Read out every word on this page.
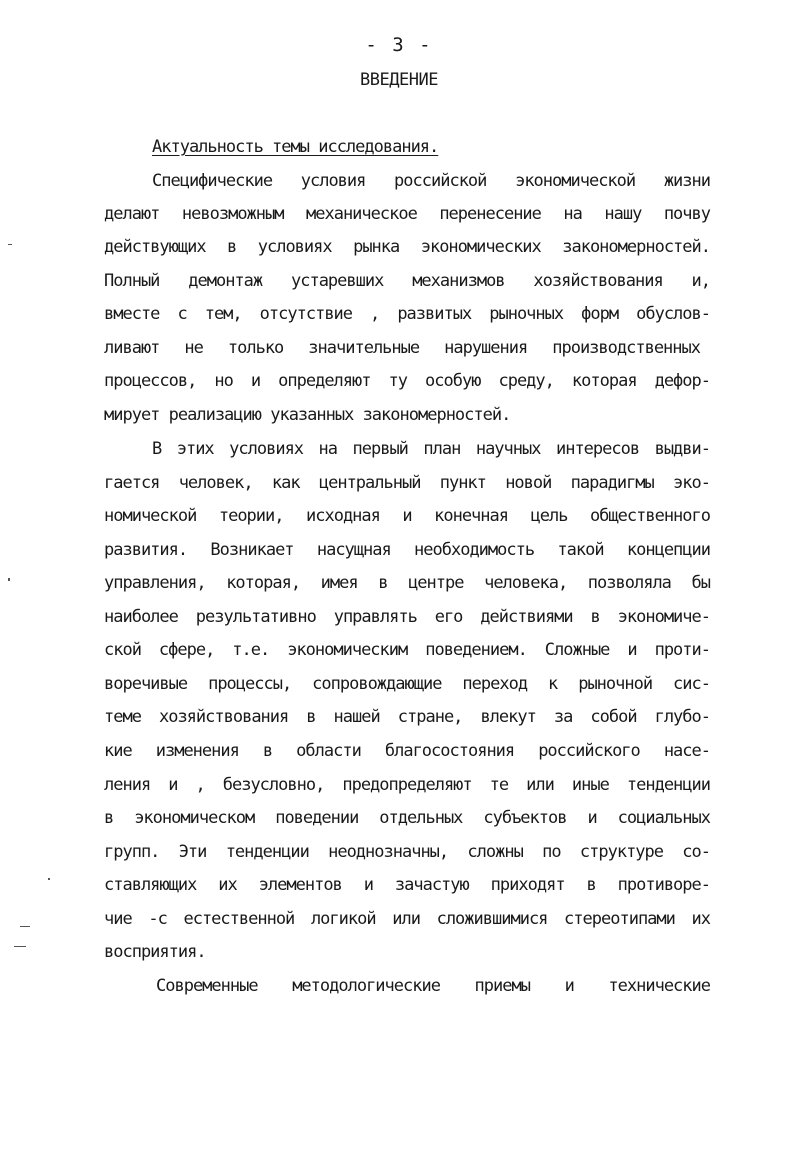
- 3 -
ВВЕДЕНИЕ
Актуальность темы исследования.
Специфические условия российской экономической жизни
делают невозможным механическое перенесение на нашу почву
действующих в условиях рынка экономических закономерностей.
Полный демонтаж устаревших механизмов хозяйствования и,
вместе с тем, отсутствие , развитых рыночных форм обуслов-
ливают не только значительные нарушения производственных
процессов, но и определяют ту особую среду, которая дефор-
мирует реализацию указанных закономерностей.
В этих условиях на первый план научных интересов выдви-
гается человек, как центральный пункт новой парадигмы эко-
номической теории, исходная и конечная цель общественного
развития. Возникает насущная необходимость такой концепции
управления, которая, имея в центре человека, позволяла бы
наиболее результативно управлять его действиями в экономиче-
ской сфере, т.е. экономическим поведением. Сложные и проти-
воречивые процессы, сопровождающие переход к рыночной сис-
теме хозяйствования в нашей стране, влекут за собой глубо-
кие изменения в области благосостояния российского насе-
ления и , безусловно, предопределяют те или иные тенденции
в экономическом поведении отдельных субъектов и социальных
групп. Эти тенденции неоднозначны, сложны по структуре со-
ставляющих их элементов и зачастую приходят в противоре-
чие -с естественной логикой или сложившимися стереотипами их
восприятия.
Современные методологические приемы и технические
